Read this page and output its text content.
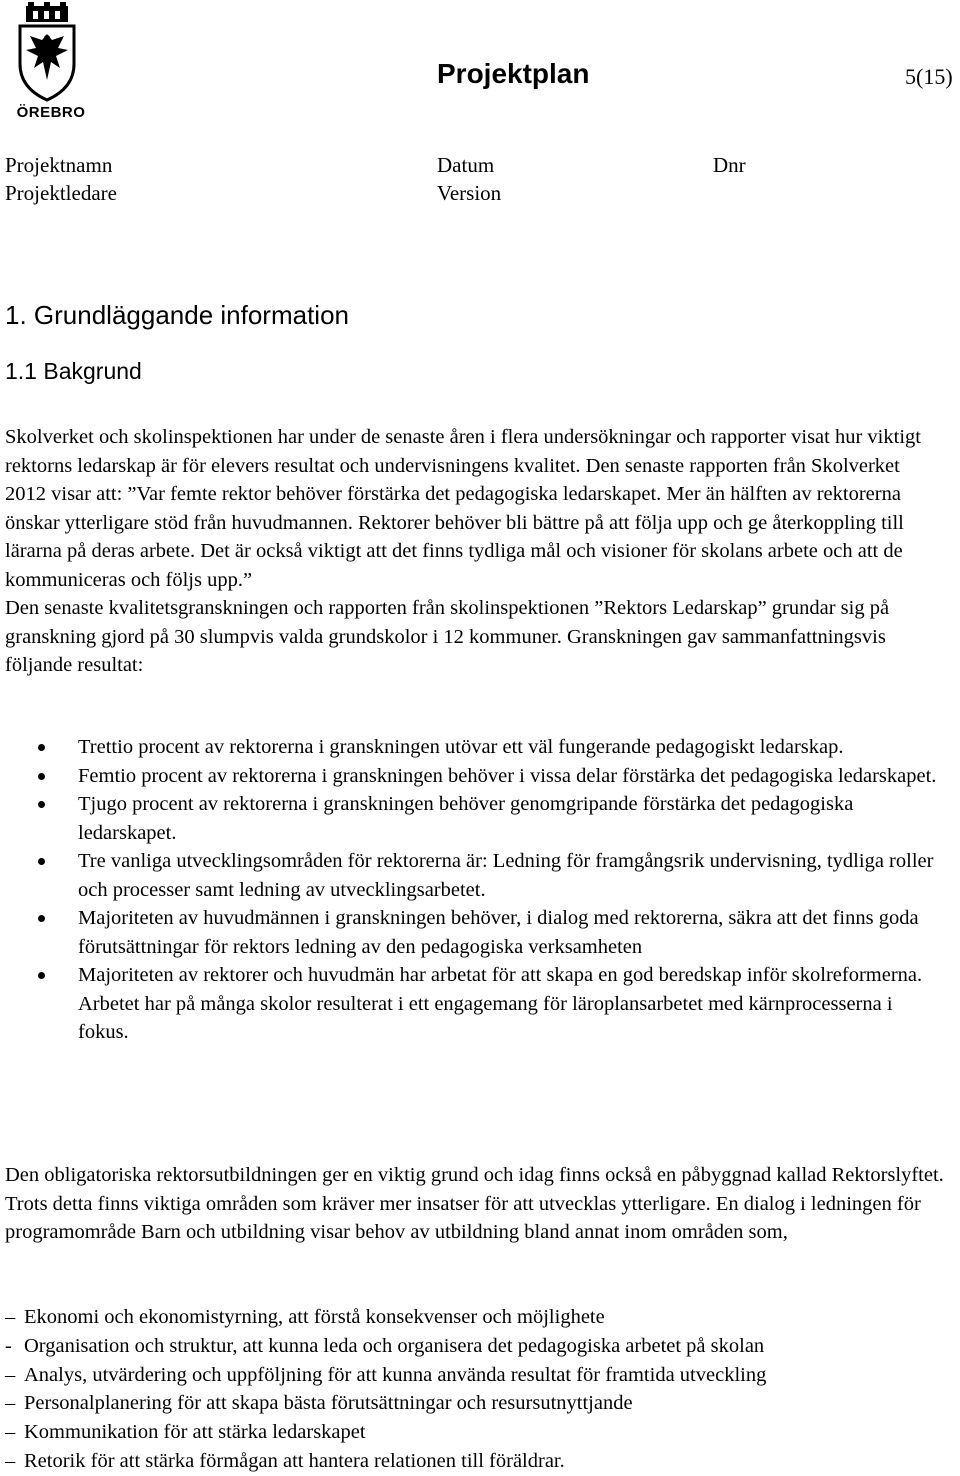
ÖREBRO
Projektplan	5(15)
Projektnamn
Projektledare
Datum
Version
Dnr
1. Grundläggande information
1.1 Bakgrund

Skolverket och skolinspektionen har under de senaste åren i flera undersökningar och rapporter visat hur viktigt rektorns ledarskap är för elevers resultat och undervisningens kvalitet. Den senaste rapporten från Skolverket 2012 visar att: ”Var femte rektor behöver förstärka det pedagogiska ledarskapet. Mer än hälften av rektorerna önskar ytterligare stöd från huvudmannen. Rektorer behöver bli bättre på att följa upp och ge återkoppling till lärarna på deras arbete. Det är också viktigt att det finns tydliga mål och visioner för skolans arbete och att de kommuniceras och följs upp.”

Den senaste kvalitetsgranskningen och rapporten från skolinspektionen ”Rektors Ledarskap” grundar sig på granskning gjord på 30 slumpvis valda grundskolor i 12 kommuner. Granskningen gav sammanfattningsvis följande resultat:

Trettio procent av rektorerna i granskningen utövar ett väl fungerande pedagogiskt ledarskap.
Femtio procent av rektorerna i granskningen behöver i vissa delar förstärka det pedagogiska ledarskapet.
Tjugo procent av rektorerna i granskningen behöver genomgripande förstärka det pedagogiska ledarskapet.
Tre vanliga utvecklingsområden för rektorerna är: Ledning för framgångsrik undervisning, tydliga roller och processer samt ledning av utvecklingsarbetet.
Majoriteten av huvudmännen i granskningen behöver, i dialog med rektorerna, säkra att det finns goda förutsättningar för rektors ledning av den pedagogiska verksamheten
Majoriteten av rektorer och huvudmän har arbetat för att skapa en god beredskap inför skolreformerna. Arbetet har på många skolor resulterat i ett engagemang för läroplansarbetet med kärnprocesserna i fokus.
Den obligatoriska rektorsutbildningen ger en viktig grund och idag finns också en påbyggnad kallad Rektorslyftet. Trots detta finns viktiga områden som kräver mer insatser för att utvecklas ytterligare. En dialog i ledningen för programområde Barn och utbildning visar behov av utbildning bland annat inom områden som,
– Ekonomi och ekonomistyrning, att förstå konsekvenser och möjlighete
- Organisation och struktur, att kunna leda och organisera det pedagogiska arbetet på skolan
– Analys, utvärdering och uppföljning för att kunna använda resultat för framtida utveckling
– Personalplanering för att skapa bästa förutsättningar och resursutnyttjande
– Kommunikation för att stärka ledarskapet
– Retorik för att stärka förmågan att hantera relationen till föräldrar.
